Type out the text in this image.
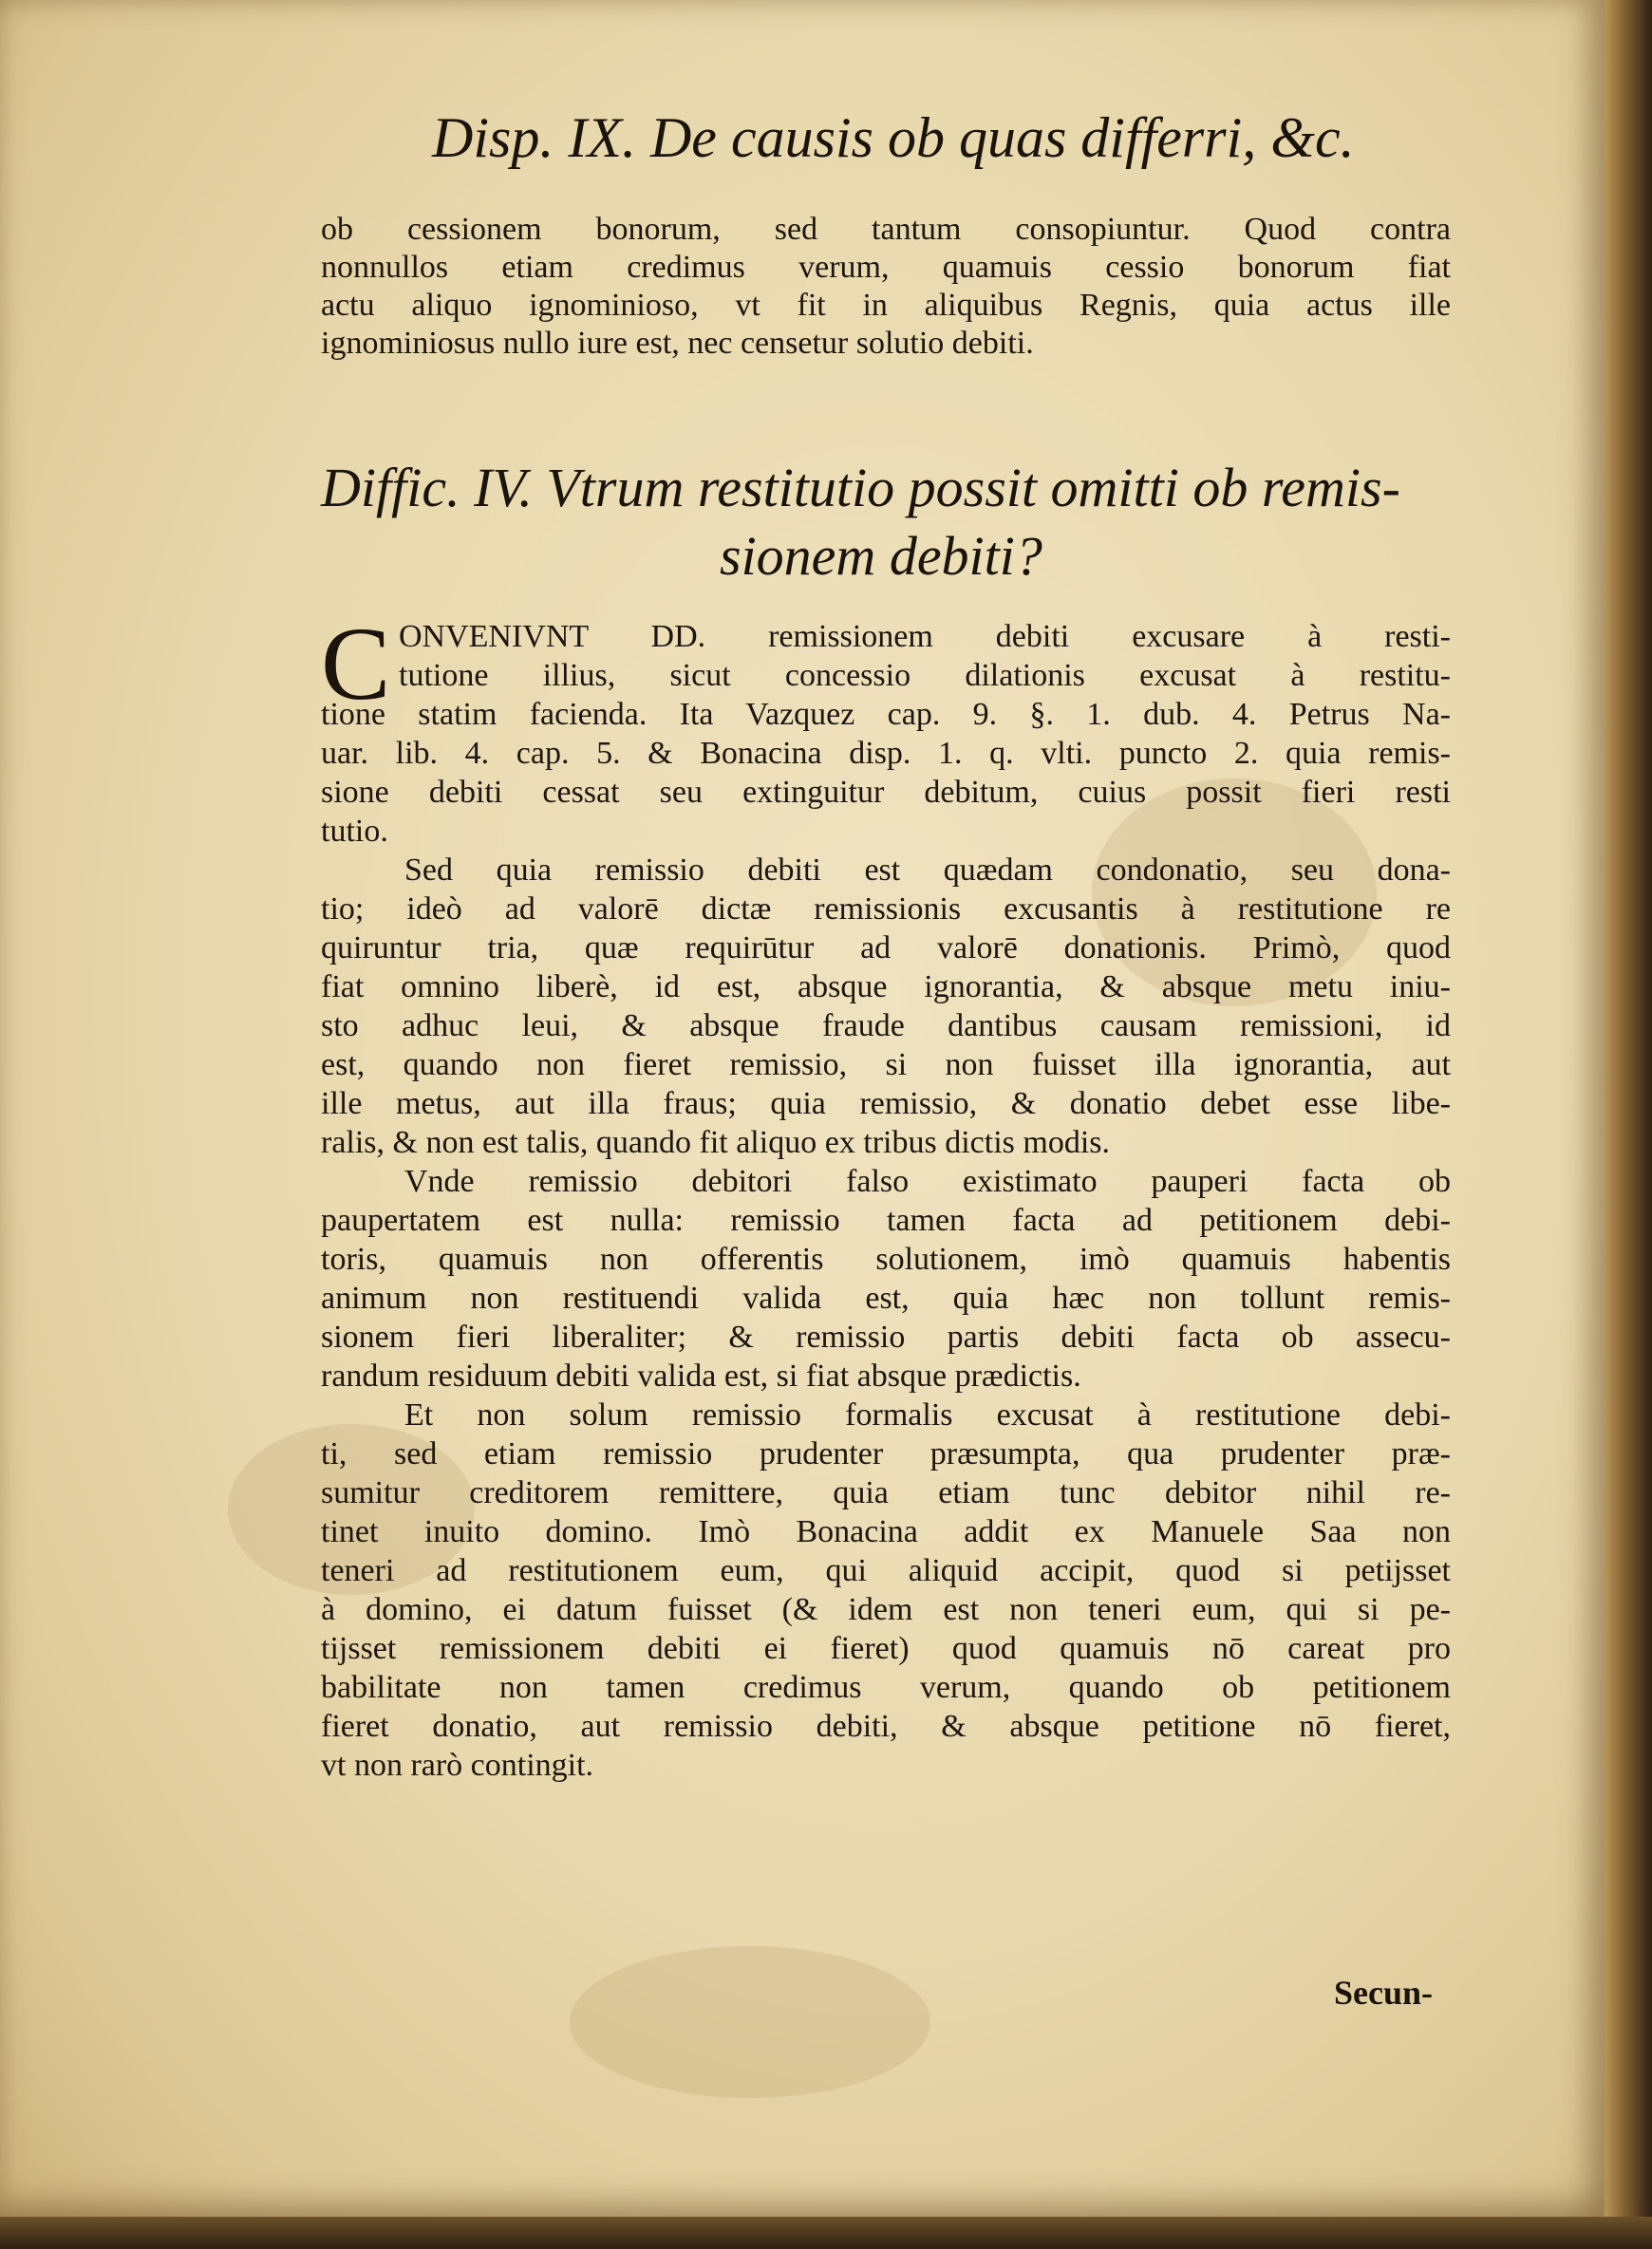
Disp. IX. De causis ob quas differri, &c.
ob cessionem bonorum, sed tantum consopiuntur. Quod contra
nonnullos etiam credimus verum, quamuis cessio bonorum fiat
actu aliquo ignominioso, vt fit in aliquibus Regnis, quia actus ille
ignominiosus nullo iure est, nec censetur solutio debiti.
Diffic. IV. Vtrum restitutio possit omitti ob remis-
sionem debiti?
C ONVENIVNT DD. remissionem debiti excusare à resti-
tutione illius, sicut concessio dilationis excusat à restitu-
tione statim facienda. Ita Vazquez cap. 9. §. 1. dub. 4. Petrus Na-
uar. lib. 4. cap. 5. & Bonacina disp. 1. q. vlti. puncto 2. quia remis-
sione debiti cessat seu extinguitur debitum, cuius possit fieri resti
tutio.
Sed quia remissio debiti est quædam condonatio, seu dona-
tio; ideò ad valorē dictæ remissionis excusantis à restitutione re
quiruntur tria, quæ requirūtur ad valorē donationis. Primò, quod
fiat omnino liberè, id est, absque ignorantia, & absque metu iniu-
sto adhuc leui, & absque fraude dantibus causam remissioni, id
est, quando non fieret remissio, si non fuisset illa ignorantia, aut
ille metus, aut illa fraus; quia remissio, & donatio debet esse libe-
ralis, & non est talis, quando fit aliquo ex tribus dictis modis.
Vnde remissio debitori falso existimato pauperi facta ob
paupertatem est nulla: remissio tamen facta ad petitionem debi-
toris, quamuis non offerentis solutionem, imò quamuis habentis
animum non restituendi valida est, quia hæc non tollunt remis-
sionem fieri liberaliter; & remissio partis debiti facta ob assecu-
randum residuum debiti valida est, si fiat absque prædictis.
Et non solum remissio formalis excusat à restitutione debi-
ti, sed etiam remissio prudenter præsumpta, qua prudenter præ-
sumitur creditorem remittere, quia etiam tunc debitor nihil re-
tinet inuito domino. Imò Bonacina addit ex Manuele Saa non
teneri ad restitutionem eum, qui aliquid accipit, quod si petijsset
à domino, ei datum fuisset (& idem est non teneri eum, qui si pe-
tijsset remissionem debiti ei fieret) quod quamuis nō careat pro
babilitate non tamen credimus verum, quando ob petitionem
fieret donatio, aut remissio debiti, & absque petitione nō fieret,
vt non rarò contingit.
Secun-
